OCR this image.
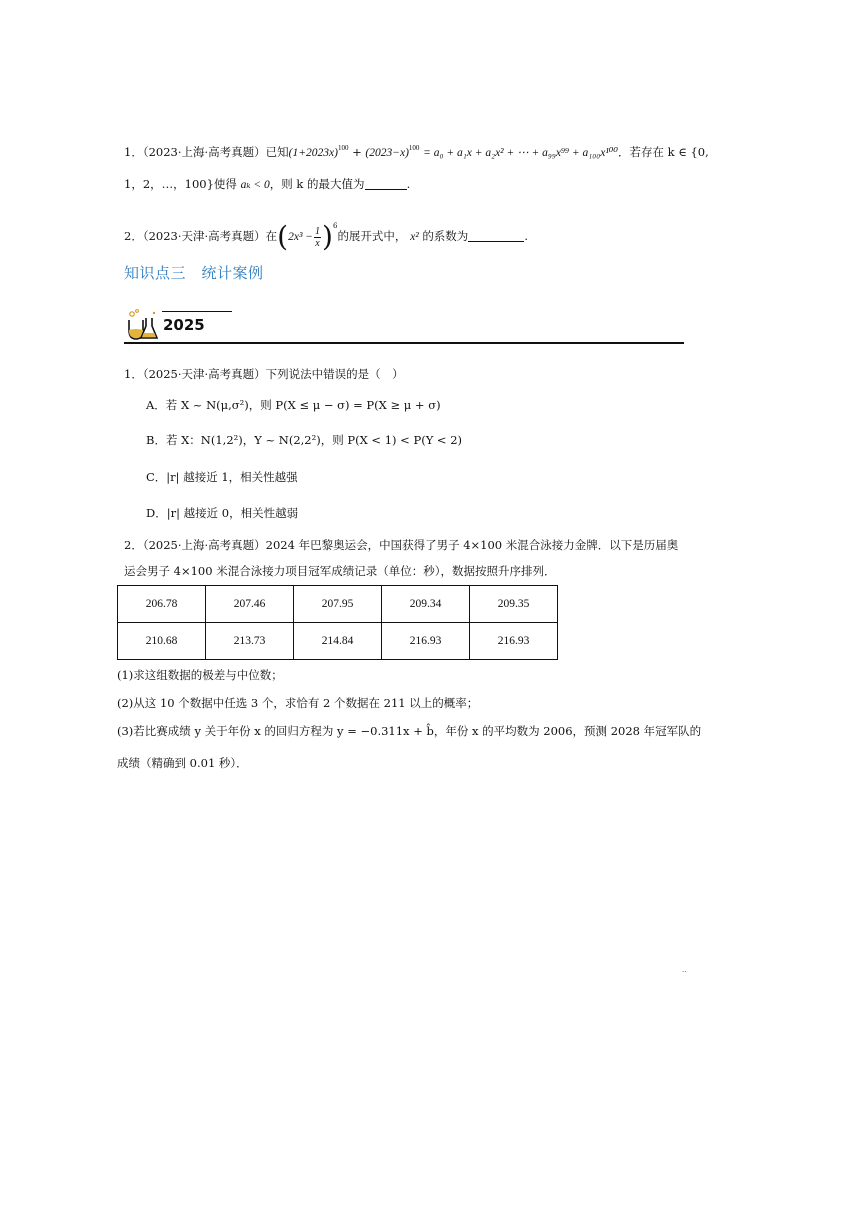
1．（2023·上海·高考真题）已知$(1+2023x)^{100} + (2023-x)^{100} = a_0 + a_1x + a_2x^2$ + ⋯ + a₉₉x⁹⁹ + a₁₀₀x¹⁰⁰．若存在 k ∈ {0,
1，2，…，100}使得 aₖ < 0，则 k 的最大值为	.
2．（2023·天津·高考真题）在$(2x^3 - \frac{1}{x} )^6$的展开式中， x² 的系数为	.
知识点三　统计案例
2025
1．（2025·天津·高考真题）下列说法中错误的是（　）
A．若 X ~ N(μ,σ²)，则 P(X ≤ μ − σ) = P(X ≥ μ + σ)
B．若 X：N(1,2²)，Y ~ N(2,2²)，则 P(X < 1) < P(Y < 2)
C．|r| 越接近 1，相关性越强
D．|r| 越接近 0，相关性越弱
2．（2025·上海·高考真题）2024 年巴黎奥运会，中国获得了男子 4×100 米混合泳接力金牌．以下是历届奥
运会男子 4×100 米混合泳接力项目冠军成绩记录（单位：秒），数据按照升序排列．
206.78	207.46	207.95	209.34	209.35
210.68	213.73	214.84	216.93	216.93
(1)求这组数据的极差与中位数；
(2)从这 10 个数据中任选 3 个，求恰有 2 个数据在 211 以上的概率；
(3)若比赛成绩 y 关于年份 x 的回归方程为 y = −0.311x + b̂，年份 x 的平均数为 2006，预测 2028 年冠军队的
成绩（精确到 0.01 秒）．
··
